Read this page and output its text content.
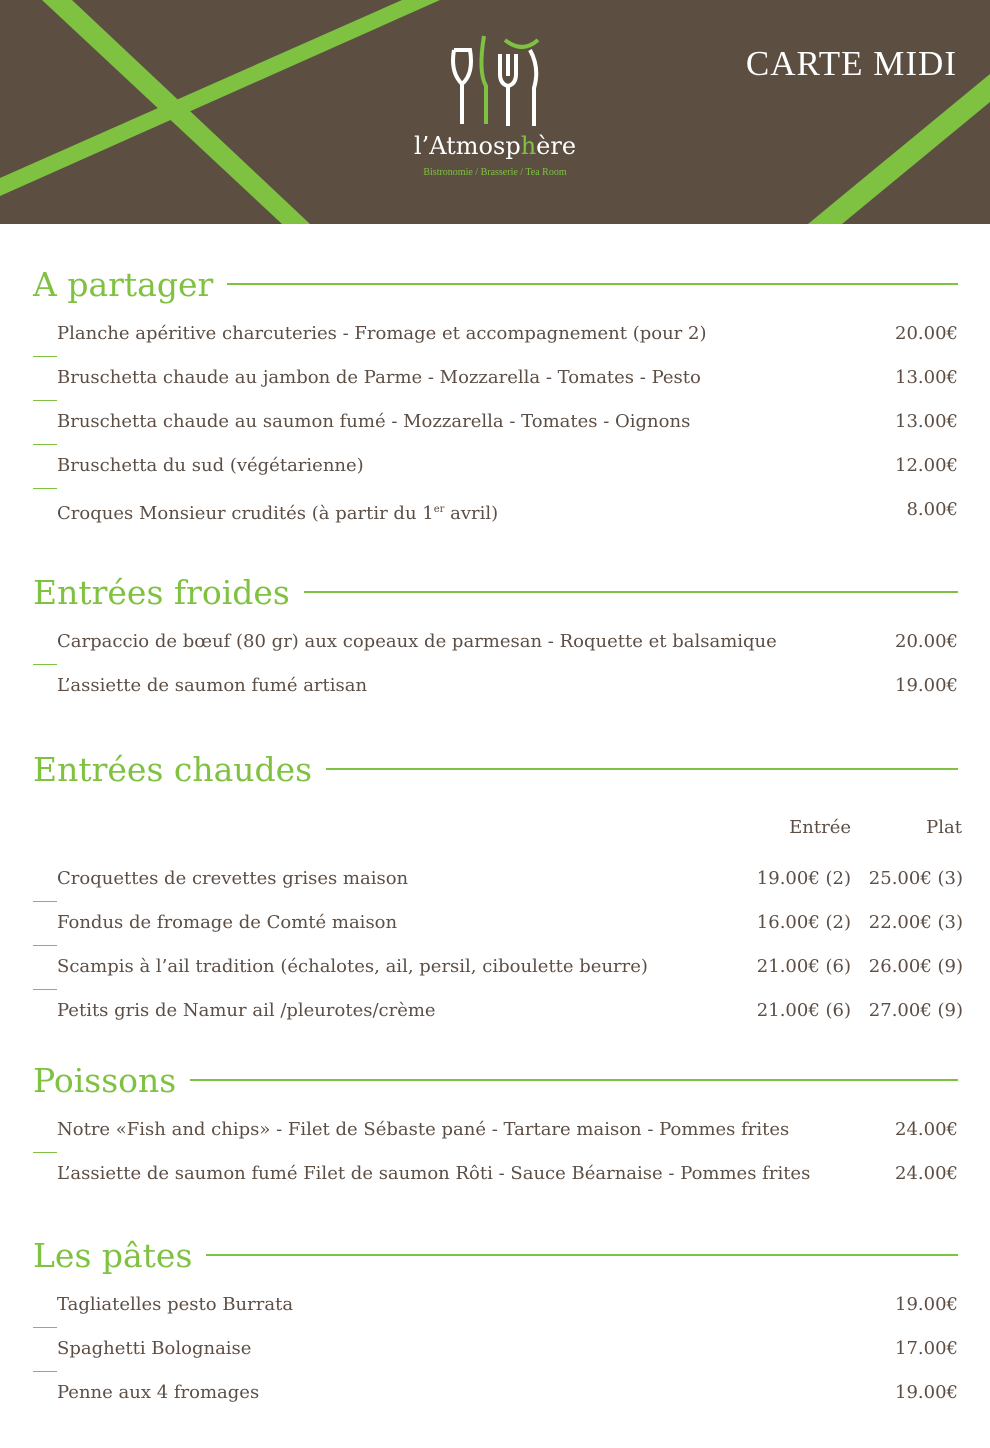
l’Atmosphère
Bistronomie / Brasserie / Tea Room
CARTE MIDI
A partager
Planche apéritive charcuteries - Fromage et accompagnement (pour 2)	20.00€
Bruschetta chaude au jambon de Parme - Mozzarella - Tomates - Pesto	13.00€
Bruschetta chaude au saumon fumé - Mozzarella - Tomates - Oignons	13.00€
Bruschetta du sud (végétarienne)	12.00€
Croques Monsieur crudités (à partir du 1er avril)	8.00€
Entrées froides
Carpaccio de bœuf (80 gr) aux copeaux de parmesan - Roquette et balsamique	20.00€
L’assiette de saumon fumé artisan	19.00€
Entrées chaudes
Entrée	Plat
Croquettes de crevettes grises maison	19.00€ (2) 25.00€ (3)
Fondus de fromage de Comté maison	16.00€ (2) 22.00€ (3)
Scampis à l’ail tradition (échalotes, ail, persil, ciboulette beurre)	21.00€ (6) 26.00€ (9)
Petits gris de Namur ail /pleurotes/crème	21.00€ (6) 27.00€ (9)
Poissons
Notre «Fish and chips» - Filet de Sébaste pané - Tartare maison - Pommes frites	24.00€
L’assiette de saumon fumé Filet de saumon Rôti - Sauce Béarnaise - Pommes frites	24.00€
Les pâtes
Tagliatelles pesto Burrata	19.00€
Spaghetti Bolognaise	17.00€
Penne aux 4 fromages	19.00€
